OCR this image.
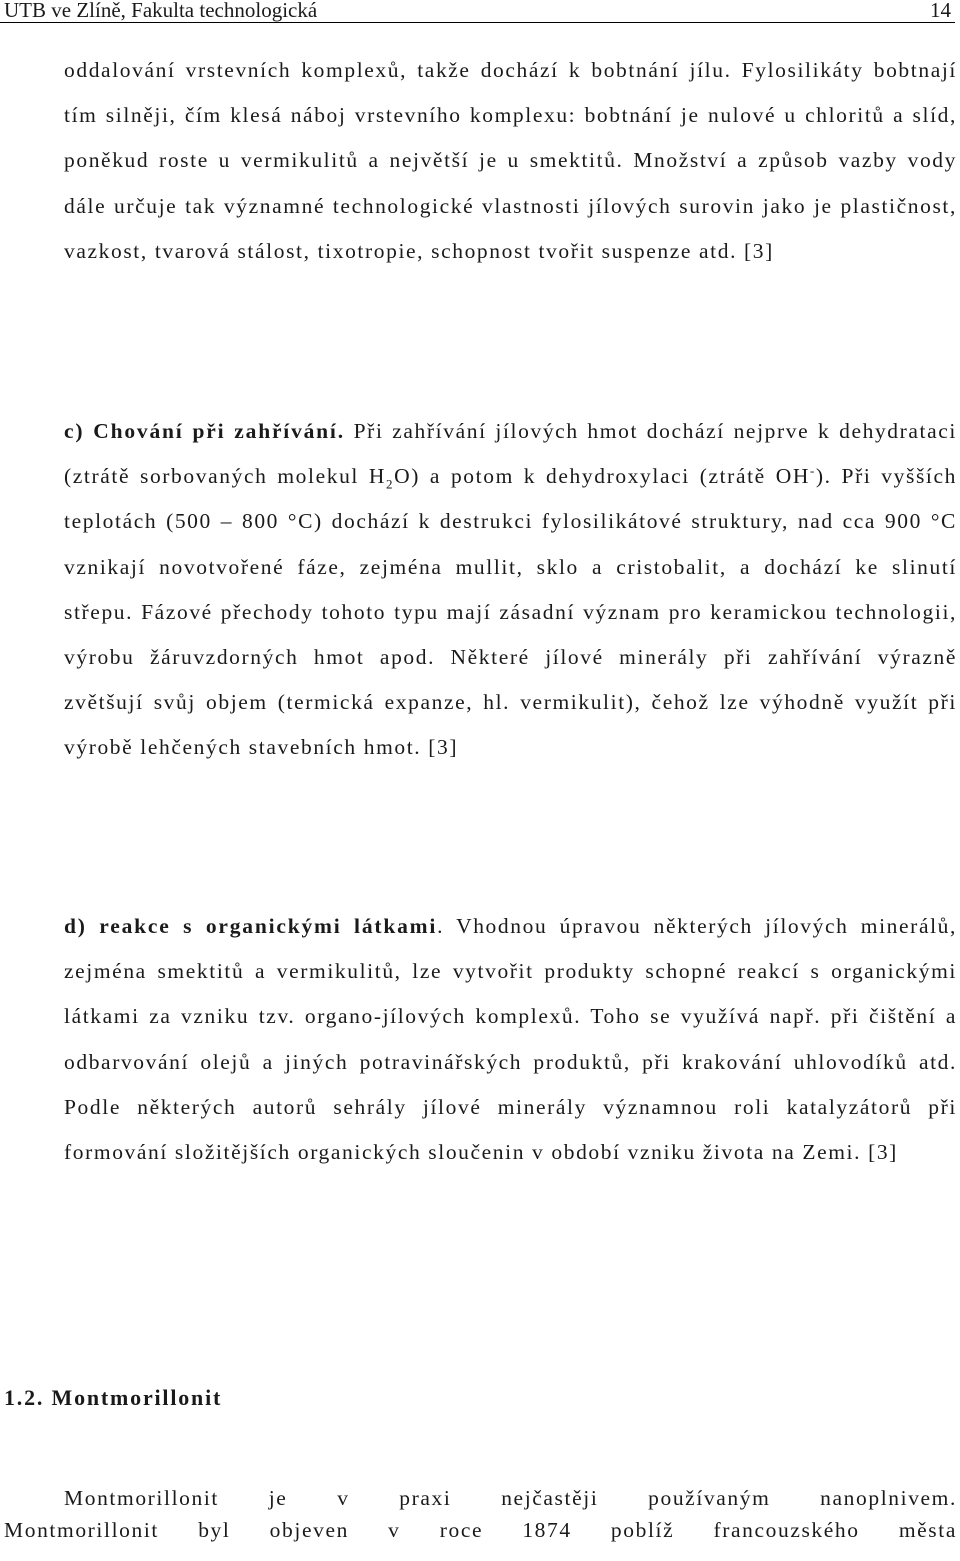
UTB ve Zlíně, Fakulta technologická	14

oddalování vrstevních komplexů, takže dochází k bobtnání jílu. Fylosilikáty bobtnají tím silněji, čím klesá náboj vrstevního komplexu: bobtnání je nulové u chloritů a slíd, poněkud roste u vermikulitů a největší je u smektitů. Množství a způsob vazby vody dále určuje tak významné technologické vlastnosti jílových surovin jako je plastičnost, vazkost, tvarová stálost, tixotropie, schopnost tvořit suspenze atd. [3]

c) Chování při zahřívání. Při zahřívání jílových hmot dochází nejprve k dehydrataci (ztrátě sorbovaných molekul $H_2O$) a potom k dehydroxylaci (ztrátě OH-). Při vyšších teplotách (500 – 800 °C) dochází k destrukci fylosilikátové struktury, nad cca 900 °C vznikají novotvořené fáze, zejména mullit, sklo a cristobalit, a dochází ke slinutí střepu. Fázové přechody tohoto typu mají zásadní význam pro keramickou technologii, výrobu žáruvzdorných hmot apod. Některé jílové minerály při zahřívání výrazně zvětšují svůj objem (termická expanze, hl. vermikulit), čehož lze výhodně využít při výrobě lehčených stavebních hmot. [3]

d) reakce s organickými látkami. Vhodnou úpravou některých jílových minerálů, zejména smektitů a vermikulitů, lze vytvořit produkty schopné reakcí s organickými látkami za vzniku tzv. organo-jílových komplexů. Toho se využívá např. při čištění a odbarvování olejů a jiných potravinářských produktů, při krakování uhlovodíků atd. Podle některých autorů sehrály jílové minerály významnou roli katalyzátorů při formování složitějších organických sloučenin v období vzniku života na Zemi. [3]

1.2. Montmorillonit

Montmorillonit je v praxi nejčastěji používaným nanoplnivem.

Montmorillonit byl objeven v roce 1874 poblíž francouzského města
